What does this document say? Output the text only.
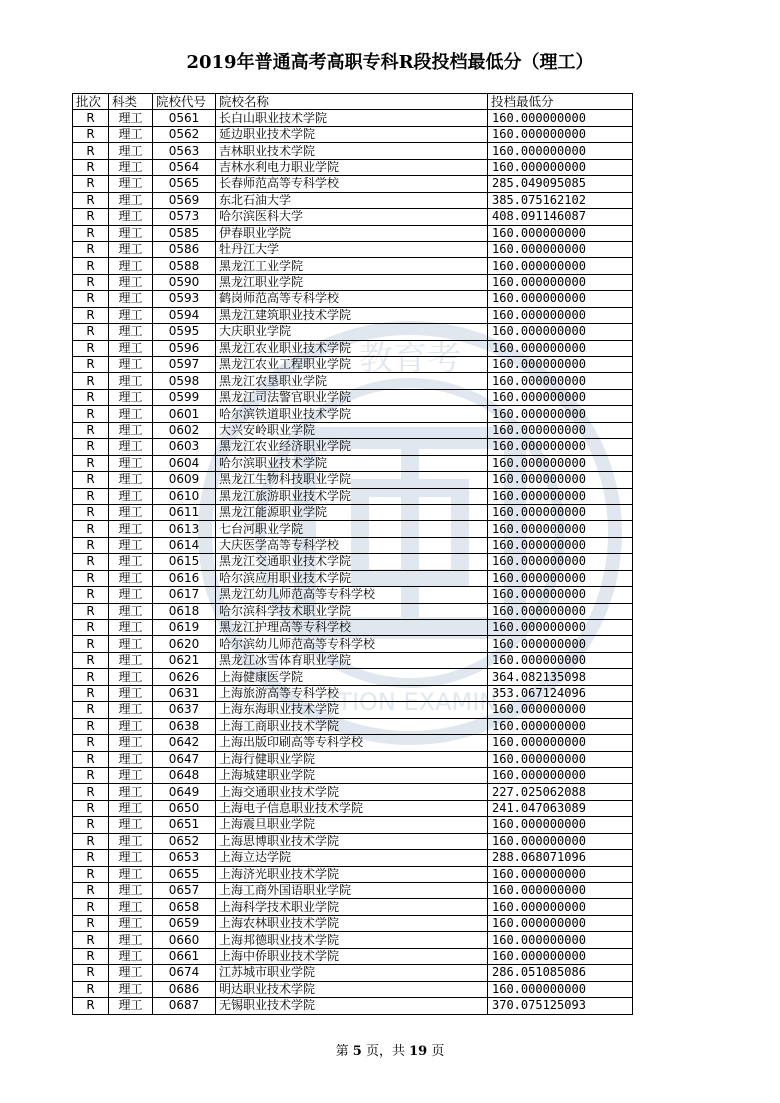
2019年普通高考高职专科R段投档最低分（理工）
教育考
ATION EXAMIN
批次	科类	院校代号	院校名称	投档最低分
R	理工	0561	长白山职业技术学院	160.000000000
R	理工	0562	延边职业技术学院	160.000000000
R	理工	0563	吉林职业技术学院	160.000000000
R	理工	0564	吉林水利电力职业学院	160.000000000
R	理工	0565	长春师范高等专科学校	285.049095085
R	理工	0569	东北石油大学	385.075162102
R	理工	0573	哈尔滨医科大学	408.091146087
R	理工	0585	伊春职业学院	160.000000000
R	理工	0586	牡丹江大学	160.000000000
R	理工	0588	黑龙江工业学院	160.000000000
R	理工	0590	黑龙江职业学院	160.000000000
R	理工	0593	鹤岗师范高等专科学校	160.000000000
R	理工	0594	黑龙江建筑职业技术学院	160.000000000
R	理工	0595	大庆职业学院	160.000000000
R	理工	0596	黑龙江农业职业技术学院	160.000000000
R	理工	0597	黑龙江农业工程职业学院	160.000000000
R	理工	0598	黑龙江农垦职业学院	160.000000000
R	理工	0599	黑龙江司法警官职业学院	160.000000000
R	理工	0601	哈尔滨铁道职业技术学院	160.000000000
R	理工	0602	大兴安岭职业学院	160.000000000
R	理工	0603	黑龙江农业经济职业学院	160.000000000
R	理工	0604	哈尔滨职业技术学院	160.000000000
R	理工	0609	黑龙江生物科技职业学院	160.000000000
R	理工	0610	黑龙江旅游职业技术学院	160.000000000
R	理工	0611	黑龙江能源职业学院	160.000000000
R	理工	0613	七台河职业学院	160.000000000
R	理工	0614	大庆医学高等专科学校	160.000000000
R	理工	0615	黑龙江交通职业技术学院	160.000000000
R	理工	0616	哈尔滨应用职业技术学院	160.000000000
R	理工	0617	黑龙江幼儿师范高等专科学校	160.000000000
R	理工	0618	哈尔滨科学技术职业学院	160.000000000
R	理工	0619	黑龙江护理高等专科学校	160.000000000
R	理工	0620	哈尔滨幼儿师范高等专科学校	160.000000000
R	理工	0621	黑龙江冰雪体育职业学院	160.000000000
R	理工	0626	上海健康医学院	364.082135098
R	理工	0631	上海旅游高等专科学校	353.067124096
R	理工	0637	上海东海职业技术学院	160.000000000
R	理工	0638	上海工商职业技术学院	160.000000000
R	理工	0642	上海出版印刷高等专科学校	160.000000000
R	理工	0647	上海行健职业学院	160.000000000
R	理工	0648	上海城建职业学院	160.000000000
R	理工	0649	上海交通职业技术学院	227.025062088
R	理工	0650	上海电子信息职业技术学院	241.047063089
R	理工	0651	上海震旦职业学院	160.000000000
R	理工	0652	上海思博职业技术学院	160.000000000
R	理工	0653	上海立达学院	288.068071096
R	理工	0655	上海济光职业技术学院	160.000000000
R	理工	0657	上海工商外国语职业学院	160.000000000
R	理工	0658	上海科学技术职业学院	160.000000000
R	理工	0659	上海农林职业技术学院	160.000000000
R	理工	0660	上海邦德职业技术学院	160.000000000
R	理工	0661	上海中侨职业技术学院	160.000000000
R	理工	0674	江苏城市职业学院	286.051085086
R	理工	0686	明达职业技术学院	160.000000000
R	理工	0687	无锡职业技术学院	370.075125093
第 5 页，共 19 页
